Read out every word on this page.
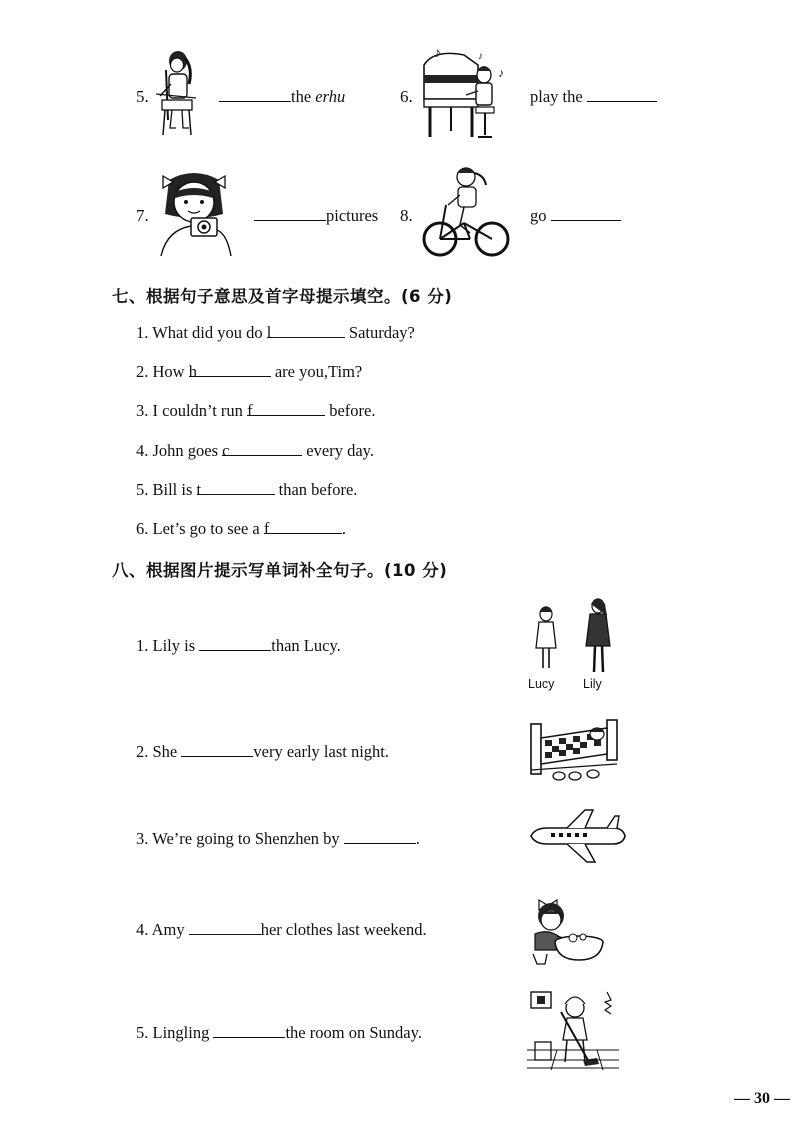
5.	the erhu	6.
♪
♪
♪
play the
7.	pictures 8.	go
七、根据句子意思及首字母提示填空。(6 分)
1. What did you do l	Saturday?
2. How h	are you,Tim?
3. I couldn’t run f	before.
4. John goes c	every day.
5. Bill is t	than before.
6. Let’s go to see a f	.
八、根据图片提示写单词补全句子。(10 分)
1. Lily is	than Lucy.
Lucy Lily
2. She	very early last night.
3. We’re going to Shenzhen by	.
4. Amy	her clothes last weekend.
5. Lingling	the room on Sunday.
— 30 —
